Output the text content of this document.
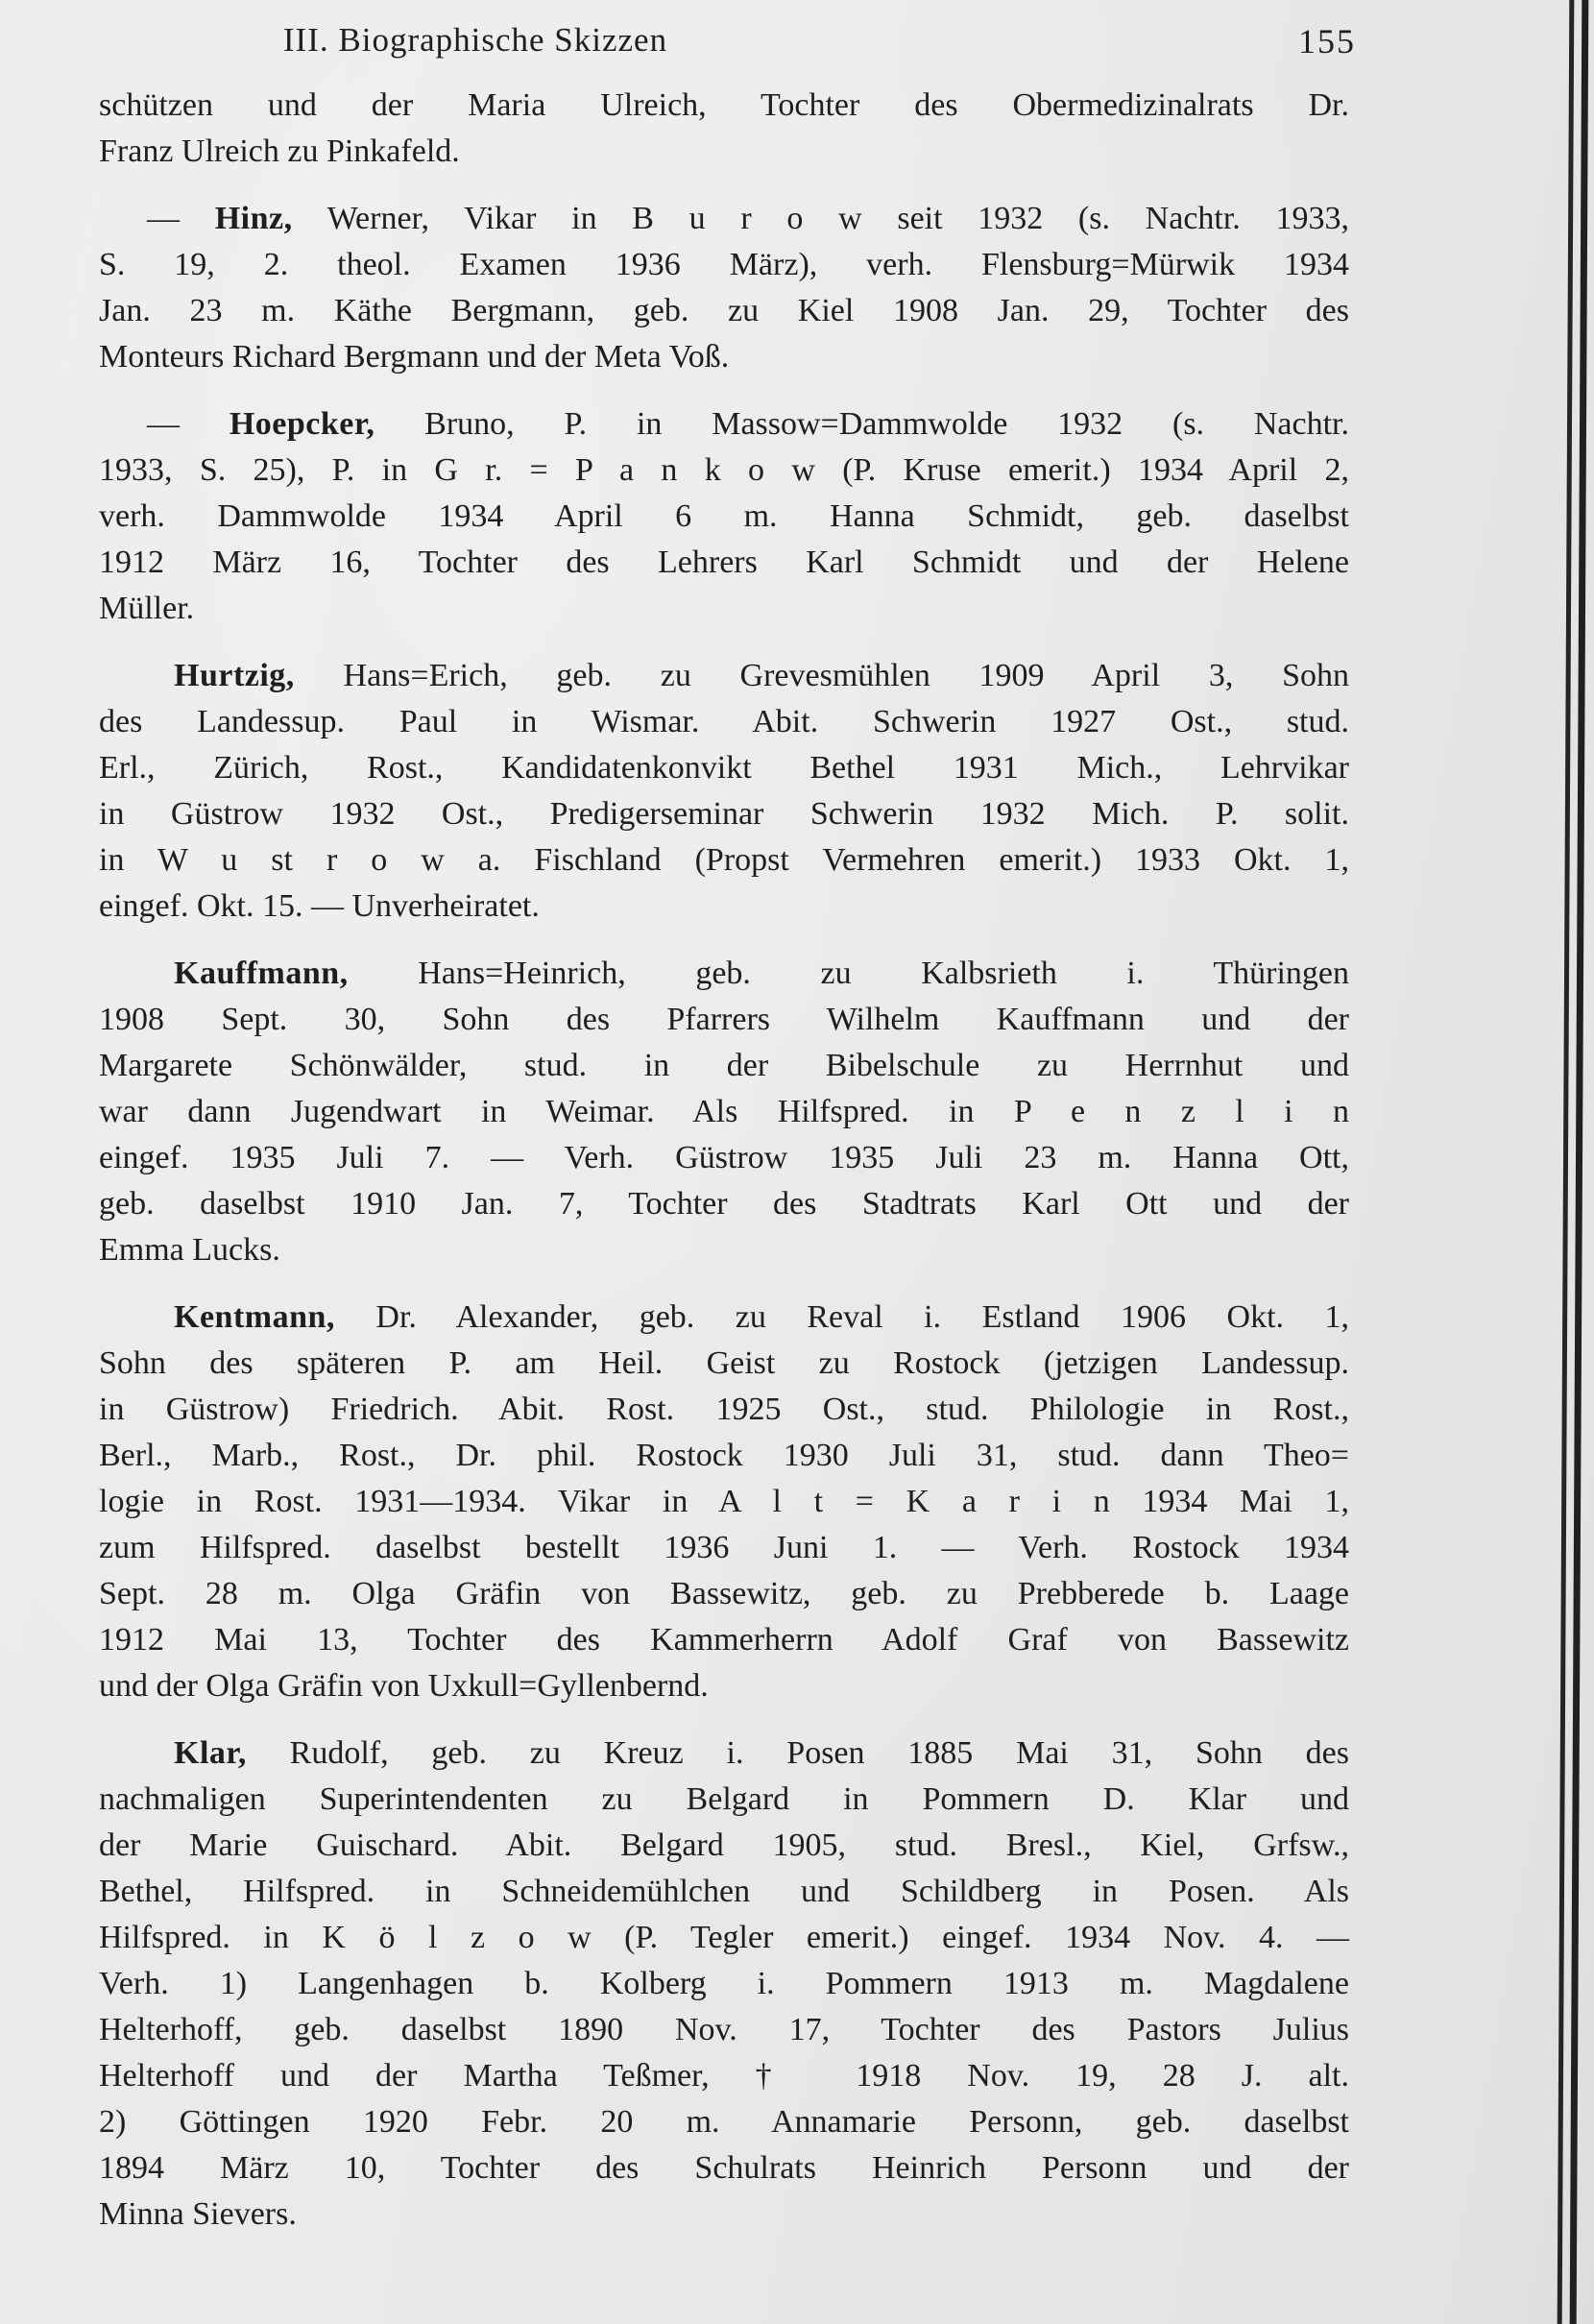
III. Biographische Skizzen	155
schützen und der Maria Ulreich, Tochter des Obermedizinalrats Dr.
Franz Ulreich zu Pinkafeld.
— Hinz, Werner, Vikar in B u r o w seit 1932 (s. Nachtr. 1933,
S. 19, 2. theol. Examen 1936 März), verh. Flensburg=Mürwik 1934
Jan. 23 m. Käthe Bergmann, geb. zu Kiel 1908 Jan. 29, Tochter des
Monteurs Richard Bergmann und der Meta Voß.
— Hoepcker, Bruno, P. in Massow=Dammwolde 1932 (s. Nachtr.
1933, S. 25), P. in G r. = P a n k o w (P. Kruse emerit.) 1934 April 2,
verh. Dammwolde 1934 April 6 m. Hanna Schmidt, geb. daselbst
1912 März 16, Tochter des Lehrers Karl Schmidt und der Helene
Müller.
Hurtzig, Hans=Erich, geb. zu Grevesmühlen 1909 April 3, Sohn
des Landessup. Paul in Wismar. Abit. Schwerin 1927 Ost., stud.
Erl., Zürich, Rost., Kandidatenkonvikt Bethel 1931 Mich., Lehrvikar
in Güstrow 1932 Ost., Predigerseminar Schwerin 1932 Mich. P. solit.
in W u st r o w a. Fischland (Propst Vermehren emerit.) 1933 Okt. 1,
eingef. Okt. 15. — Unverheiratet.
Kauffmann, Hans=Heinrich, geb. zu Kalbsrieth i. Thüringen
1908 Sept. 30, Sohn des Pfarrers Wilhelm Kauffmann und der
Margarete Schönwälder, stud. in der Bibelschule zu Herrnhut und
war dann Jugendwart in Weimar. Als Hilfspred. in P e n z l i n
eingef. 1935 Juli 7. — Verh. Güstrow 1935 Juli 23 m. Hanna Ott,
geb. daselbst 1910 Jan. 7, Tochter des Stadtrats Karl Ott und der
Emma Lucks.
Kentmann, Dr. Alexander, geb. zu Reval i. Estland 1906 Okt. 1,
Sohn des späteren P. am Heil. Geist zu Rostock (jetzigen Landessup.
in Güstrow) Friedrich. Abit. Rost. 1925 Ost., stud. Philologie in Rost.,
Berl., Marb., Rost., Dr. phil. Rostock 1930 Juli 31, stud. dann Theo=
logie in Rost. 1931—1934. Vikar in A l t = K a r i n 1934 Mai 1,
zum Hilfspred. daselbst bestellt 1936 Juni 1. — Verh. Rostock 1934
Sept. 28 m. Olga Gräfin von Bassewitz, geb. zu Prebberede b. Laage
1912 Mai 13, Tochter des Kammerherrn Adolf Graf von Bassewitz
und der Olga Gräfin von Uxkull=Gyllenbernd.
Klar, Rudolf, geb. zu Kreuz i. Posen 1885 Mai 31, Sohn des
nachmaligen Superintendenten zu Belgard in Pommern D. Klar und
der Marie Guischard. Abit. Belgard 1905, stud. Bresl., Kiel, Grfsw.,
Bethel, Hilfspred. in Schneidemühlchen und Schildberg in Posen. Als
Hilfspred. in K ö l z o w (P. Tegler emerit.) eingef. 1934 Nov. 4. —
Verh. 1) Langenhagen b. Kolberg i. Pommern 1913 m. Magdalene
Helterhoff, geb. daselbst 1890 Nov. 17, Tochter des Pastors Julius
Helterhoff und der Martha Teßmer, † 1918 Nov. 19, 28 J. alt.
2) Göttingen 1920 Febr. 20 m. Annamarie Personn, geb. daselbst
1894 März 10, Tochter des Schulrats Heinrich Personn und der
Minna Sievers.
